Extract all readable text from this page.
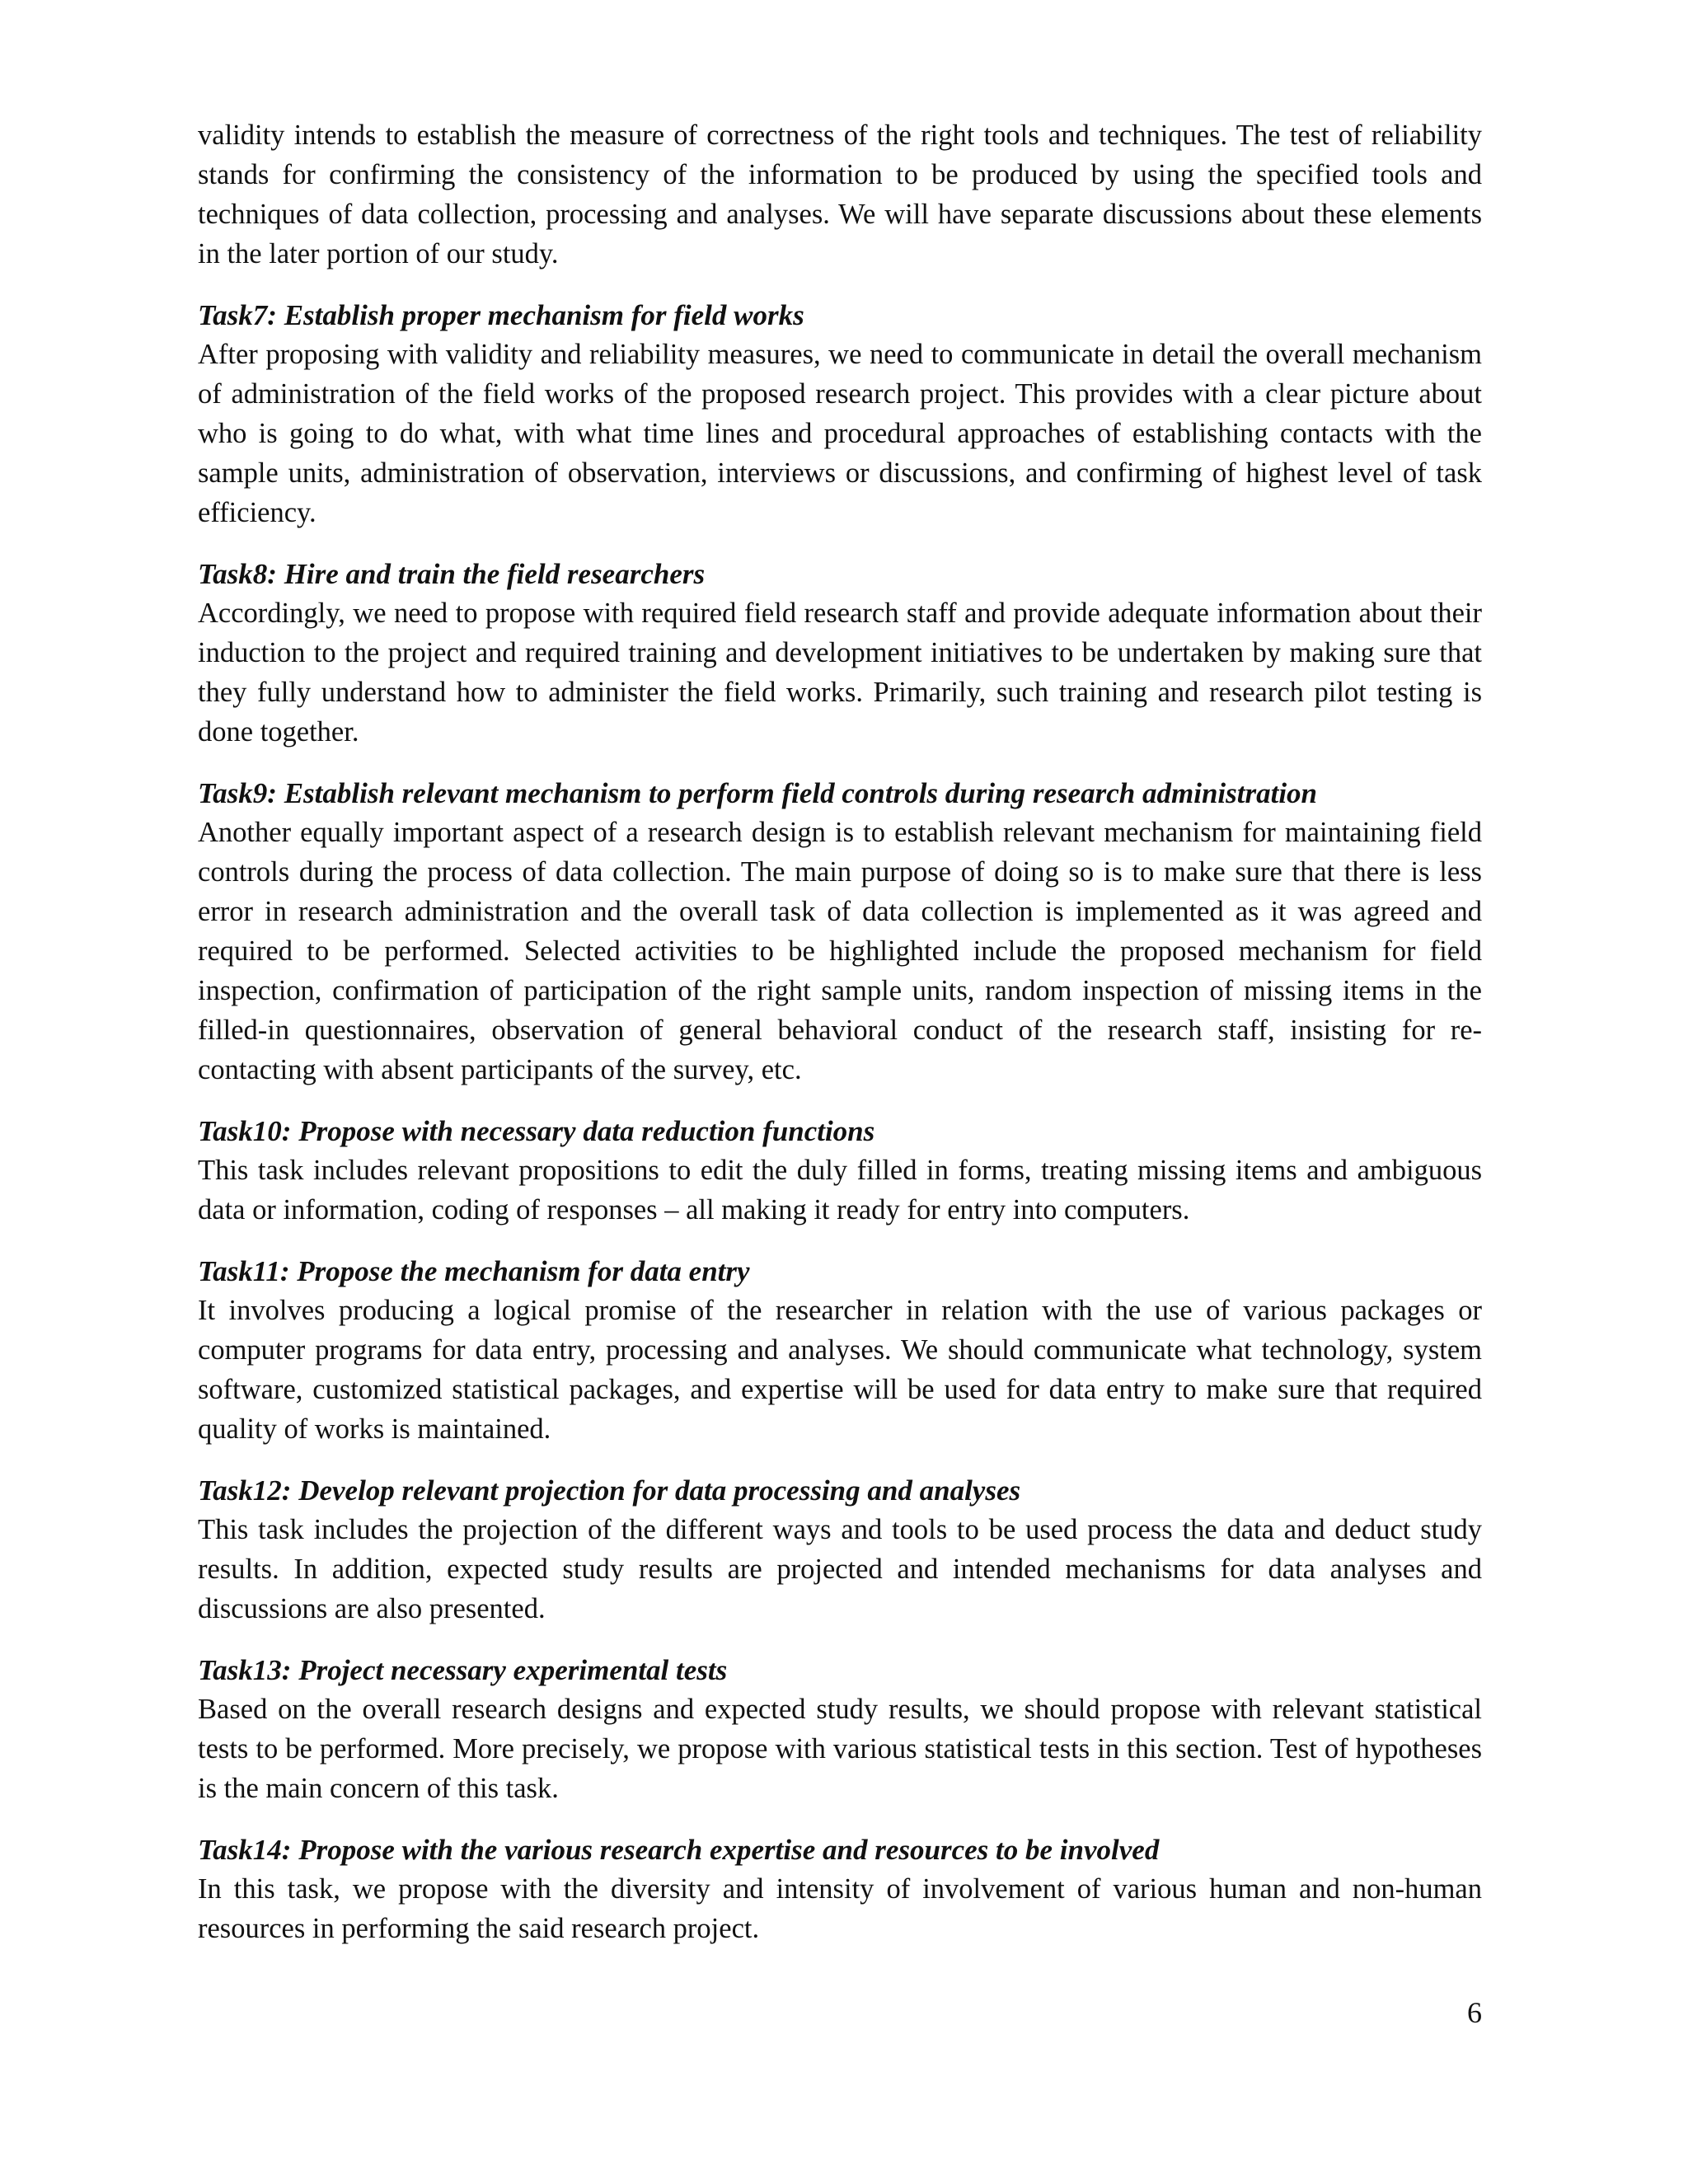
validity intends to establish the measure of correctness of the right tools and techniques. The test of reliability stands for confirming the consistency of the information to be produced by using the specified tools and techniques of data collection, processing and analyses. We will have separate discussions about these elements in the later portion of our study.

Task7: Establish proper mechanism for field works

After proposing with validity and reliability measures, we need to communicate in detail the overall mechanism of administration of the field works of the proposed research project. This provides with a clear picture about who is going to do what, with what time lines and procedural approaches of establishing contacts with the sample units, administration of observation, interviews or discussions, and confirming of highest level of task efficiency.

Task8: Hire and train the field researchers

Accordingly, we need to propose with required field research staff and provide adequate information about their induction to the project and required training and development initiatives to be undertaken by making sure that they fully understand how to administer the field works. Primarily, such training and research pilot testing is done together.

Task9: Establish relevant mechanism to perform field controls during research administration

Another equally important aspect of a research design is to establish relevant mechanism for maintaining field controls during the process of data collection. The main purpose of doing so is to make sure that there is less error in research administration and the overall task of data collection is implemented as it was agreed and required to be performed. Selected activities to be highlighted include the proposed mechanism for field inspection, confirmation of participation of the right sample units, random inspection of missing items in the filled-in questionnaires, observation of general behavioral conduct of the research staff, insisting for re-contacting with absent participants of the survey, etc.

Task10: Propose with necessary data reduction functions

This task includes relevant propositions to edit the duly filled in forms, treating missing items and ambiguous data or information, coding of responses – all making it ready for entry into computers.

Task11: Propose the mechanism for data entry

It involves producing a logical promise of the researcher in relation with the use of various packages or computer programs for data entry, processing and analyses. We should communicate what technology, system software, customized statistical packages, and expertise will be used for data entry to make sure that required quality of works is maintained.

Task12: Develop relevant projection for data processing and analyses

This task includes the projection of the different ways and tools to be used process the data and deduct study results. In addition, expected study results are projected and intended mechanisms for data analyses and discussions are also presented.

Task13: Project necessary experimental tests

Based on the overall research designs and expected study results, we should propose with relevant statistical tests to be performed. More precisely, we propose with various statistical tests in this section. Test of hypotheses is the main concern of this task.

Task14: Propose with the various research expertise and resources to be involved

In this task, we propose with the diversity and intensity of involvement of various human and non-human resources in performing the said research project.

6
